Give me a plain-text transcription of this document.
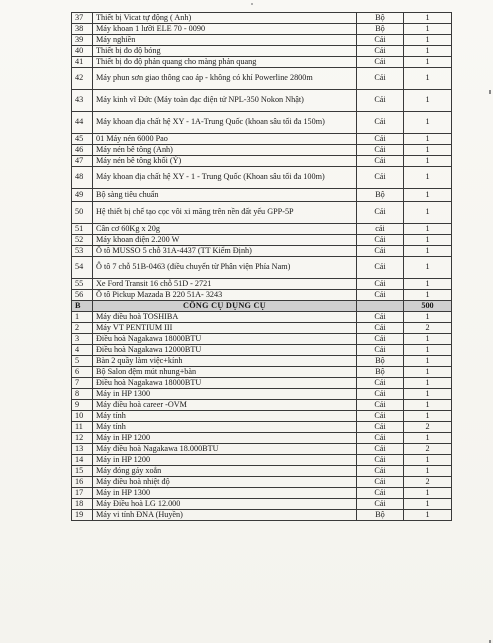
37	Thiết bị Vicat tự động ( Anh)	Bộ	1
38	Máy khoan 1 lưỡi ELE 70 - 0090	Bộ	1
39	Máy nghiền	Cái	1
40	Thiết bị đo độ bóng	Cái	1
41	Thiết bị đo độ phản quang cho màng phản quang	Cái	1
42	Máy phun sơn giao thông cao áp - không có khí Powerline 2800m	Cái	1
43	Máy kinh vĩ Đức (Máy toàn đạc điện tử NPL-350 Nokon Nhật)	Cái	1
44	Máy khoan địa chất hệ XY - 1A-Trung Quốc (khoan sâu tối đa 150m)	Cái	1
45	01 Máy nén 6000 Pao	Cái	1
46	Máy nén bê tông (Anh)	Cái	1
47	Máy nén bê tông khối (Ý)	Cái	1
48	Máy khoan địa chất hệ XY - 1 - Trung Quốc (Khoan sâu tối đa 100m)	Cái	1
49	Bộ sàng tiêu chuẩn	Bộ	1
50	Hệ thiết bị chế tạo cọc vôi xi măng trên nền đất yếu GPP-5P	Cái	1
51	Cân cơ 60Kg x 20g	cái	1
52	Máy khoan điện 2.200 W	Cái	1
53	Ô tô MUSSO 5 chỗ 31A-4437 (TT Kiểm Định)	Cái	1
54	Ô tô 7 chỗ 51B-0463 (điều chuyển từ Phân viện Phía Nam)	Cái	1
55	Xe Ford Transit 16 chỗ 51D - 2721	Cái	1
56	Ô tô Pickup Mazada B 220 51A- 3243	Cái	1
B	CÔNG CỤ DỤNG CỤ		500
1	Máy điều hoà TOSHIBA	Cái	1
2	Máy VT PENTIUM III	Cái	2
3	Điều hoà Nagakawa 18000BTU	Cái	1
4	Điều hoà Nagakawa 12000BTU	Cái	1
5	Bàn 2 quầy làm việc+kính	Bộ	1
6	Bộ Salon đệm mút nhung+bàn	Bộ	1
7	Điều hoà Nagakawa 18000BTU	Cái	1
8	Máy in HP 1300	Cái	1
9	Máy điều hoà career -OVM	Cái	1
10	Máy tính	Cái	1
11	Máy tính	Cái	2
12	Máy in HP 1200	Cái	1
13	Máy điều hoà Nagakawa 18.000BTU	Cái	2
14	Máy in HP 1200	Cái	1
15	Máy đóng gáy xoắn	Cái	1
16	Máy điều hoà nhiệt độ	Cái	2
17	Máy in HP 1300	Cái	1
18	Máy Điều hoà LG 12.000	Cái	1
19	Máy vi tính ĐNA (Huyền)	Bộ	1
